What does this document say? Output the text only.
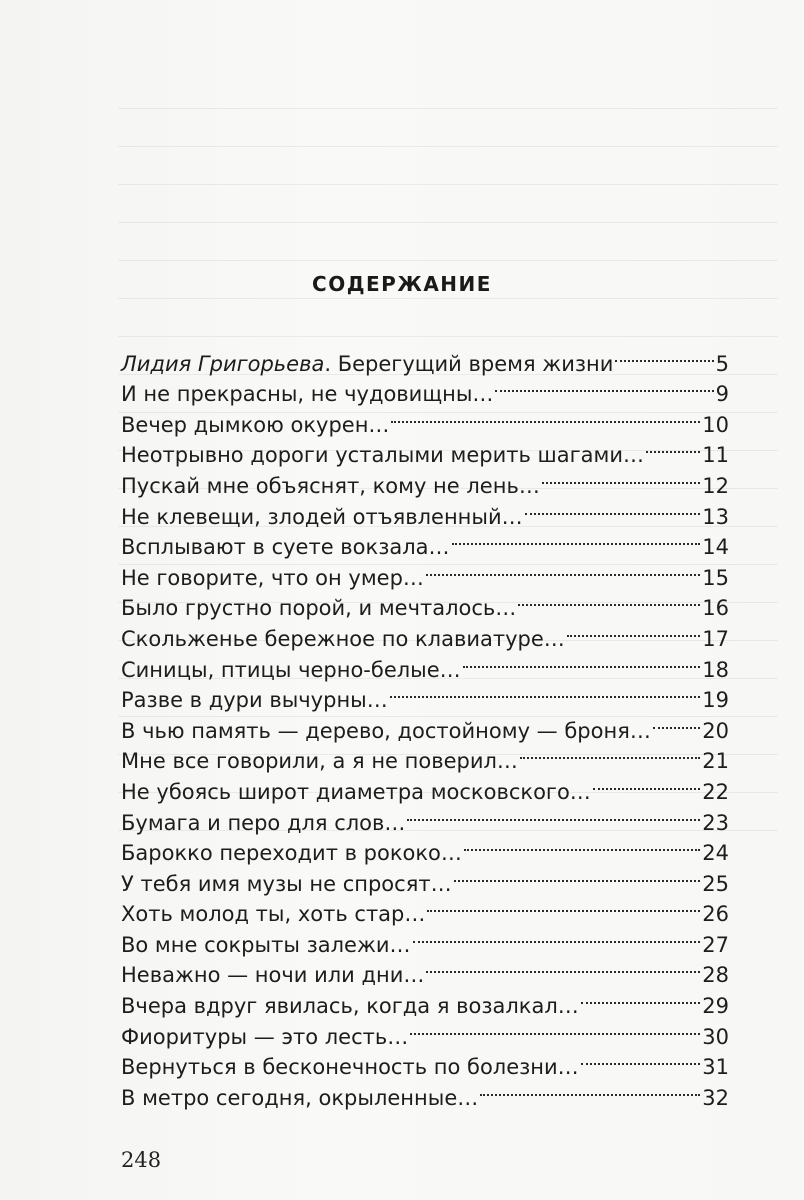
СОДЕРЖАНИЕ
Лидия Григорьева. Берегущий время жизни	5
И не прекрасны, не чудовищны…	9
Вечер дымкою окурен…	10
Неотрывно дороги усталыми мерить шагами…	11
Пускай мне объяснят, кому не лень…	12
Не клевещи, злодей отъявленный…	13
Всплывают в суете вокзала…	14
Не говорите, что он умер…	15
Было грустно порой, и мечталось…	16
Скольженье бережное по клавиатуре…	17
Синицы, птицы черно-белые…	18
Разве в дури вычурны…	19
В чью память — дерево, достойному — броня… 20
Мне все говорили, а я не поверил…	21
Не убоясь широт диаметра московского…	22
Бумага и перо для слов…	23
Барокко переходит в рококо…	24
У тебя имя музы не спросят…	25
Хоть молод ты, хоть стар…	26
Во мне сокрыты залежи…	27
Неважно — ночи или дни…	28
Вчера вдруг явилась, когда я возалкал…	29
Фиоритуры — это лесть…	30
Вернуться в бесконечность по болезни…	31
В метро сегодня, окрыленные…	32
248
